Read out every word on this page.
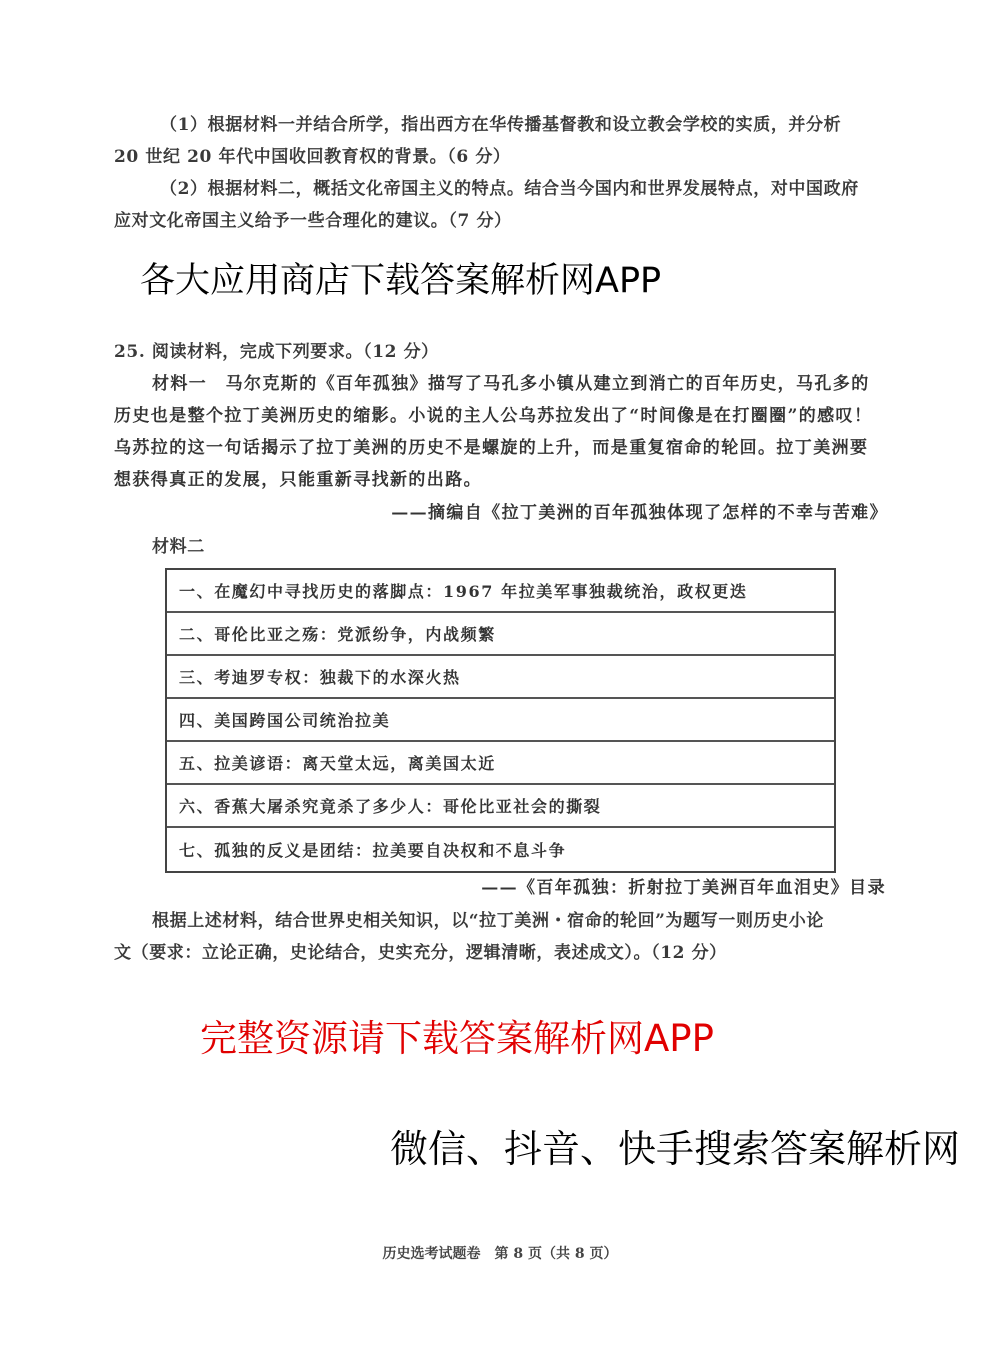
（1）根据材料一并结合所学，指出西方在华传播基督教和设立教会学校的实质，并分析
20 世纪 20 年代中国收回教育权的背景。（6 分）
（2）根据材料二，概括文化帝国主义的特点。结合当今国内和世界发展特点，对中国政府
应对文化帝国主义给予一些合理化的建议。（7 分）
各大应用商店下载答案解析网APP
25. 阅读材料，完成下列要求。（12 分）
材料一　马尔克斯的《百年孤独》描写了马孔多小镇从建立到消亡的百年历史，马孔多的
历史也是整个拉丁美洲历史的缩影。小说的主人公乌苏拉发出了“时间像是在打圈圈”的感叹！
乌苏拉的这一句话揭示了拉丁美洲的历史不是螺旋的上升，而是重复宿命的轮回。拉丁美洲要
想获得真正的发展，只能重新寻找新的出路。
——摘编自《拉丁美洲的百年孤独体现了怎样的不幸与苦难》
材料二
一、在魔幻中寻找历史的落脚点：1967 年拉美军事独裁统治，政权更迭
二、哥伦比亚之殇：党派纷争，内战频繁
三、考迪罗专权：独裁下的水深火热
四、美国跨国公司统治拉美
五、拉美谚语：离天堂太远，离美国太近
六、香蕉大屠杀究竟杀了多少人：哥伦比亚社会的撕裂
七、孤独的反义是团结：拉美要自决权和不息斗争
——《百年孤独：折射拉丁美洲百年血泪史》目录
根据上述材料，结合世界史相关知识，以“拉丁美洲・宿命的轮回”为题写一则历史小论
文（要求：立论正确，史论结合，史实充分，逻辑清晰，表述成文）。（12 分）
完整资源请下载答案解析网APP
微信、抖音、快手搜索答案解析网
历史选考试题卷　第 8 页（共 8 页）
